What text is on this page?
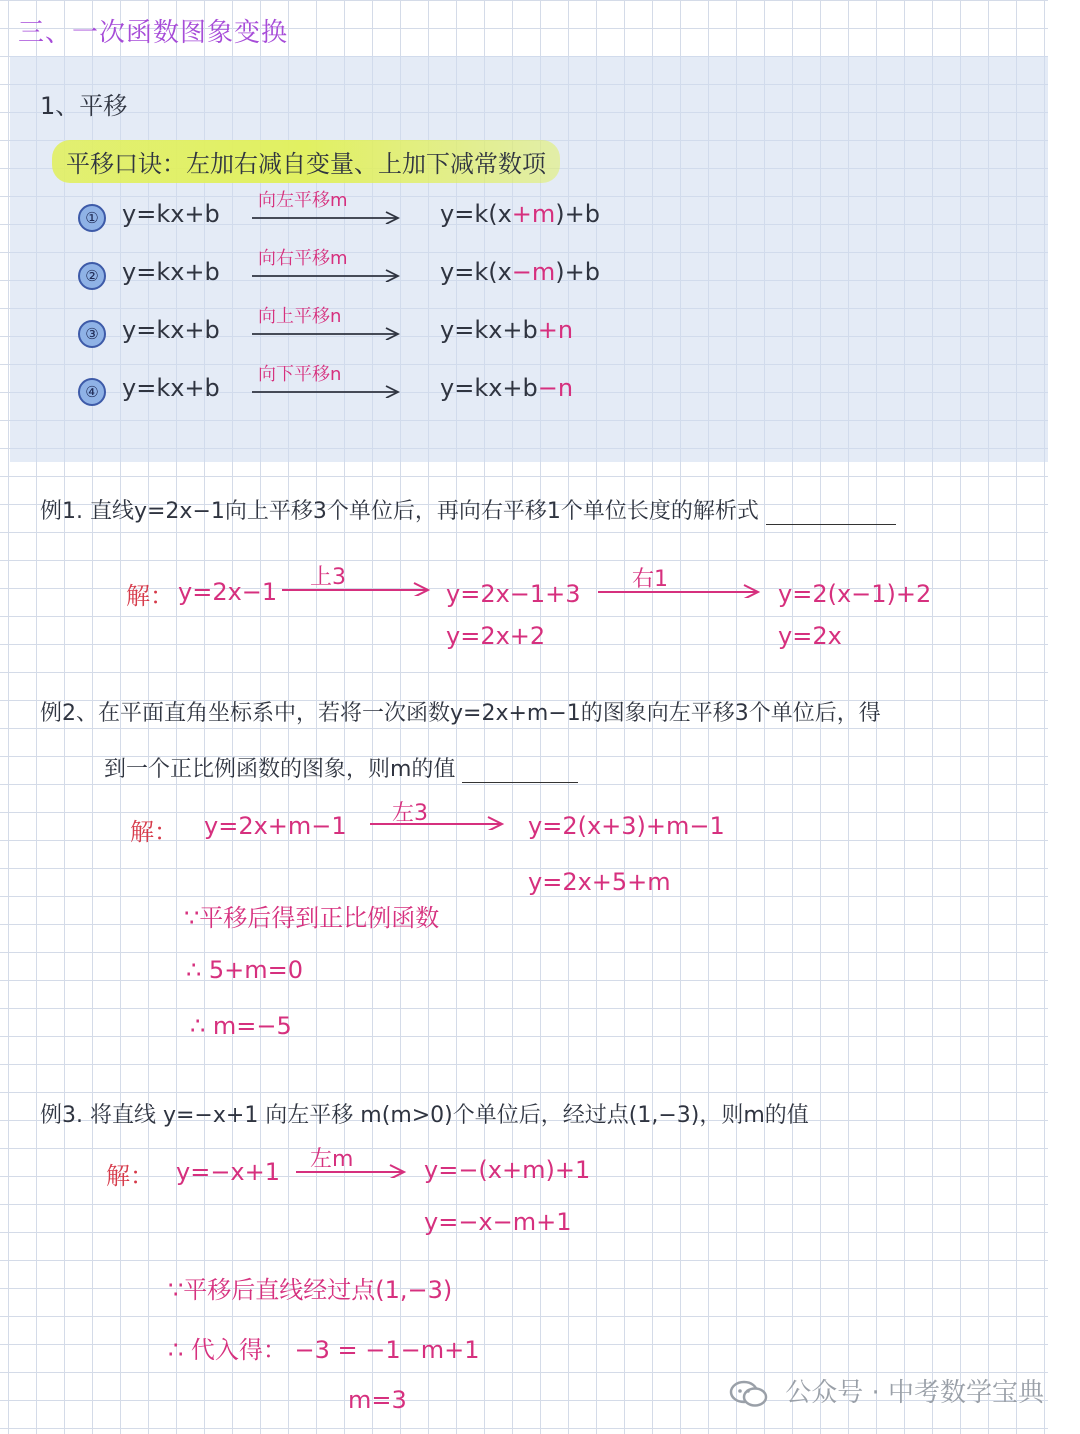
三、一次函数图象变换
1、平移
平移口诀：左加右减自变量、上加下减常数项
① y=kx+b 向左平移m	y=k(x+m)+b
② y=kx+b 向右平移m	y=k(x−m)+b
③ y=kx+b 向上平移n	y=kx+b+n
④ y=kx+b 向下平移n	y=kx+b−n
例1. 直线y=2x−1向上平移3个单位后，再向右平移1个单位长度的解析式
解： y=2x−1
上3
y=2x−1+3
y=2x+2
右1
y=2(x−1)+2
y=2x
例2、在平面直角坐标系中，若将一次函数y=2x+m−1的图象向左平移3个单位后，得
到一个正比例函数的图象，则m的值
解： y=2x+m−1 左3	y=2(x+3)+m−1
y=2x+5+m
∵平移后得到正比例函数
∴ 5+m=0
∴ m=−5
例3. 将直线 y=−x+1 向左平移 m(m>0)个单位后，经过点(1,−3)，则m的值
解： y=−x+1 左m	y=−(x+m)+1
y=−x−m+1
∵平移后直线经过点(1,−3)
∴ 代入得： −3 = −1−m+1
m=3	公众号 · 中考数学宝典
